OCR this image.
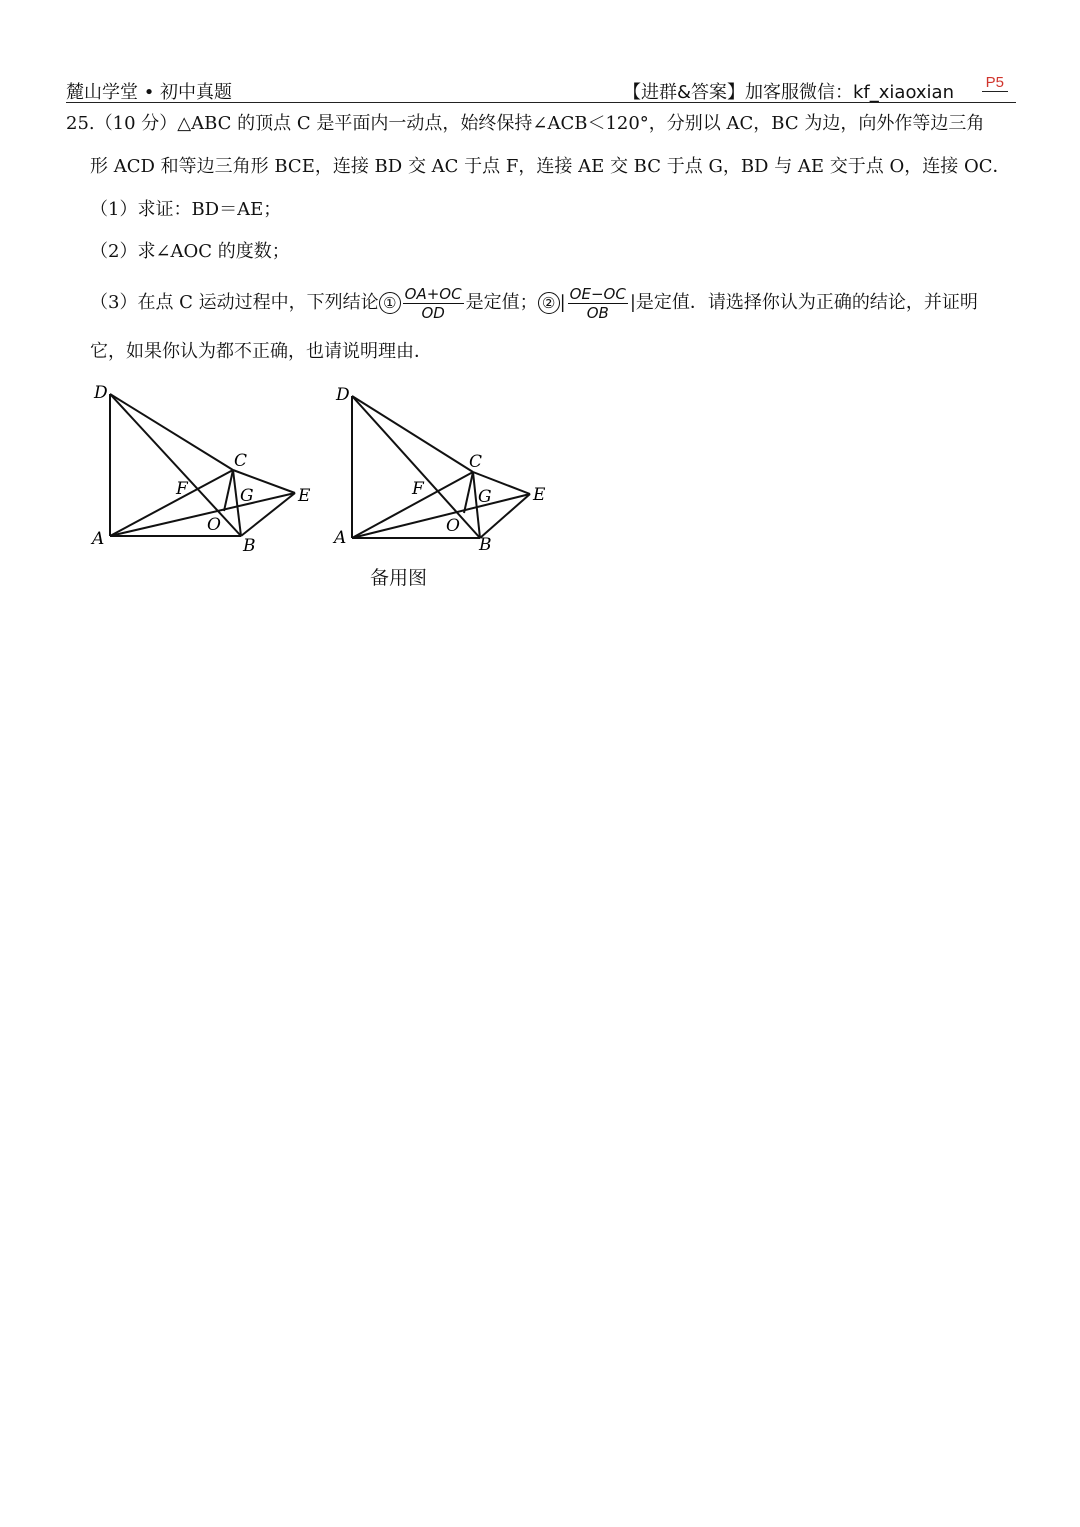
麓山学堂 • 初中真题	【进群&答案】加客服微信：kf_xiaoxian P5
25.（10 分）△ABC 的顶点 C 是平面内一动点，始终保持∠ACB＜120°，分别以 AC，BC 为边，向外作等边三角
形 ACD 和等边三角形 BCE，连接 BD 交 AC 于点 F，连接 AE 交 BC 于点 G，BD 与 AE 交于点 O，连接 OC．
（1）求证：BD＝AE；
（2）求∠AOC 的度数；
（3）在点 C 运动过程中，下列结论 ① $\frac{OA+OC}{OD}$ 是定值； ② | $\frac{OE-OC}{OB}$ |是定值．请选择你认为正确的结论，并证明
它，如果你认为都不正确，也请说明理由．
D
C
F	G	E
O
A	B
D
C
F	G E
O
A	B
备用图
